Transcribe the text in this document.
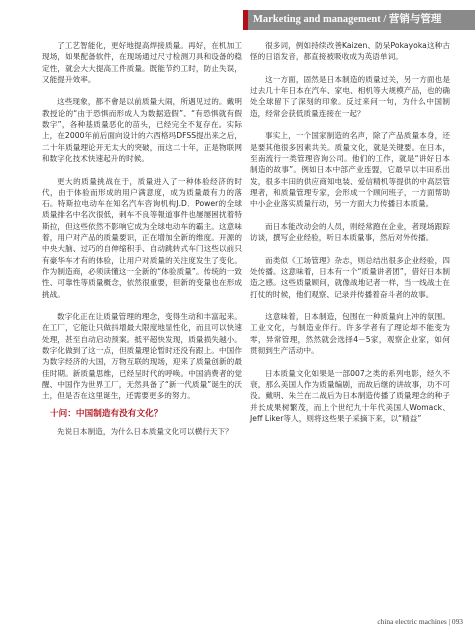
Marketing and management / 营销与管理

了工艺智能化，更好地提高焊接质量。再好，在机加工现场，如果配备软件，在现场通过尺寸检测刀具和设备的稳定性，就会大大提高工件质量。既能节约工时，防止失误，又能提升效率。

这些现象，都不會是以前质量大闹，所遇见过的。戴明教授论的“由于恐惧而形成人为数据造假”、“有恐惧就有假数字”，各种基质量恶化的苗头，已经完全不复存在。实际上，在2000年前后面向设计的六西格玛DFSS提出来之后，二十年质量理论开无太大的突破，而这二十年，正是物联网和数字化技术快速起升的时候。

更大的质量挑战在于，质量进入了一种体验经济的时代，由于体验而形成的用户满意度，成为质量最有力的落石。特斯拉电动车在知名汽车咨询机构J.D．Power的全球质量排名中名次很低，刺车不良等報道事件也屡屡困扰着特斯拉，但这些依然不影响它成为全球电动车的霸主。这意味着，用户对产品的质量要识，正在增加全新的维度。开源的中央大脑、过巧的自伸缩积手、自动跳转式车门这些以前只有豪华车才有的体验，让用户对质量的关注度发生了变化。作为制造商，必须读懂这一全新的“体验质量”。传统的一致性、可靠性等质量概念，依然很重要，但新的变量也在形成挑战。

数字化正在让质量管理的理念，变得生动和丰富起来。在工厂，它能让只做抖增最大限度地显性化，而且可以快速处理，甚至自动启动预案。抵平超快发现，质量损失越小。数字化做到了这一点，但质量理论暂时还没有跟上。中国作为数字经济的大国，万物互联的现场，迎来了质量创新的最佳时期。新质量思维，已经呈时代的呼唤。中国消费者的觉醒、中国作为世界工厂，无然具备了“新一代质量”诞生的沃土，但是否在这里诞生，还需要更多的努力。

十问：中国制造有没有文化？

先说日本制造，为什么日本质量文化可以横行天下？

很多词，例如持续改善Kaizen、防呆Pokayoka这种古怪的日语发音，都直接被吸收成为英语单词。

这一方面，固然是日本制造的质量过关，另一方面也是过去几十年日本在汽车、家电、相机等大规模产品，也的确处全球留下了深刻的印象。反过来问一句，为什么中国制造，经常会获低质量连接在一起？

事实上，一个国家制造的名声，除了产品质量本身，还是要其他很多因素共关。质量文化，就是关键要。在日本，至南流行一类管理咨询公司。他们的工作，就是“讲好日本制造的故事”。例如日本中部产业连盟，它最早以丰田系出发，很多丰田的供应商知电装、爱信精机等提供的中高层管理者，和质量管理专家，会形成一个顾问班子，一方面帮助中小企业落实质量行动，另一方面大力传播日本质量。

而日本能改动会的人员，则经常跑在企业，者现场跟踪访谈，撰写企业经验，听日本质量事，然后对外传播。

而类似《工场管理》杂志，则总结出很多企业经验，四处传播。这意味着，日本有一个“质量讲者团”，借好日本制造之感。这些质量顾问，就像战地记者一样，当一线战士在打仗的时候，他们观察、记录并传播着奋斗者的故事。

这意味着，日本制造，包围在一种质量向上冲的氛围。工业文化，与制造业伴行。许多学者有了理论却不能变为零，异常管理，然然就会选择4－5家，观察企业家，如何贯彻到生产活动中。

日本质量文化如果是一部007之类的系列电影，经久不衰，那么美国人作为质量编剧，而故后继的讲故事，功不可没。戴明、朱兰在二战后为日本制造传播了质量理念的种子并长成果树繁茂，而上个世纪九十年代美国人Womack、Jeff Liker等人，则将这些果子采摘下来，以“精益”

china electric machines | 093
